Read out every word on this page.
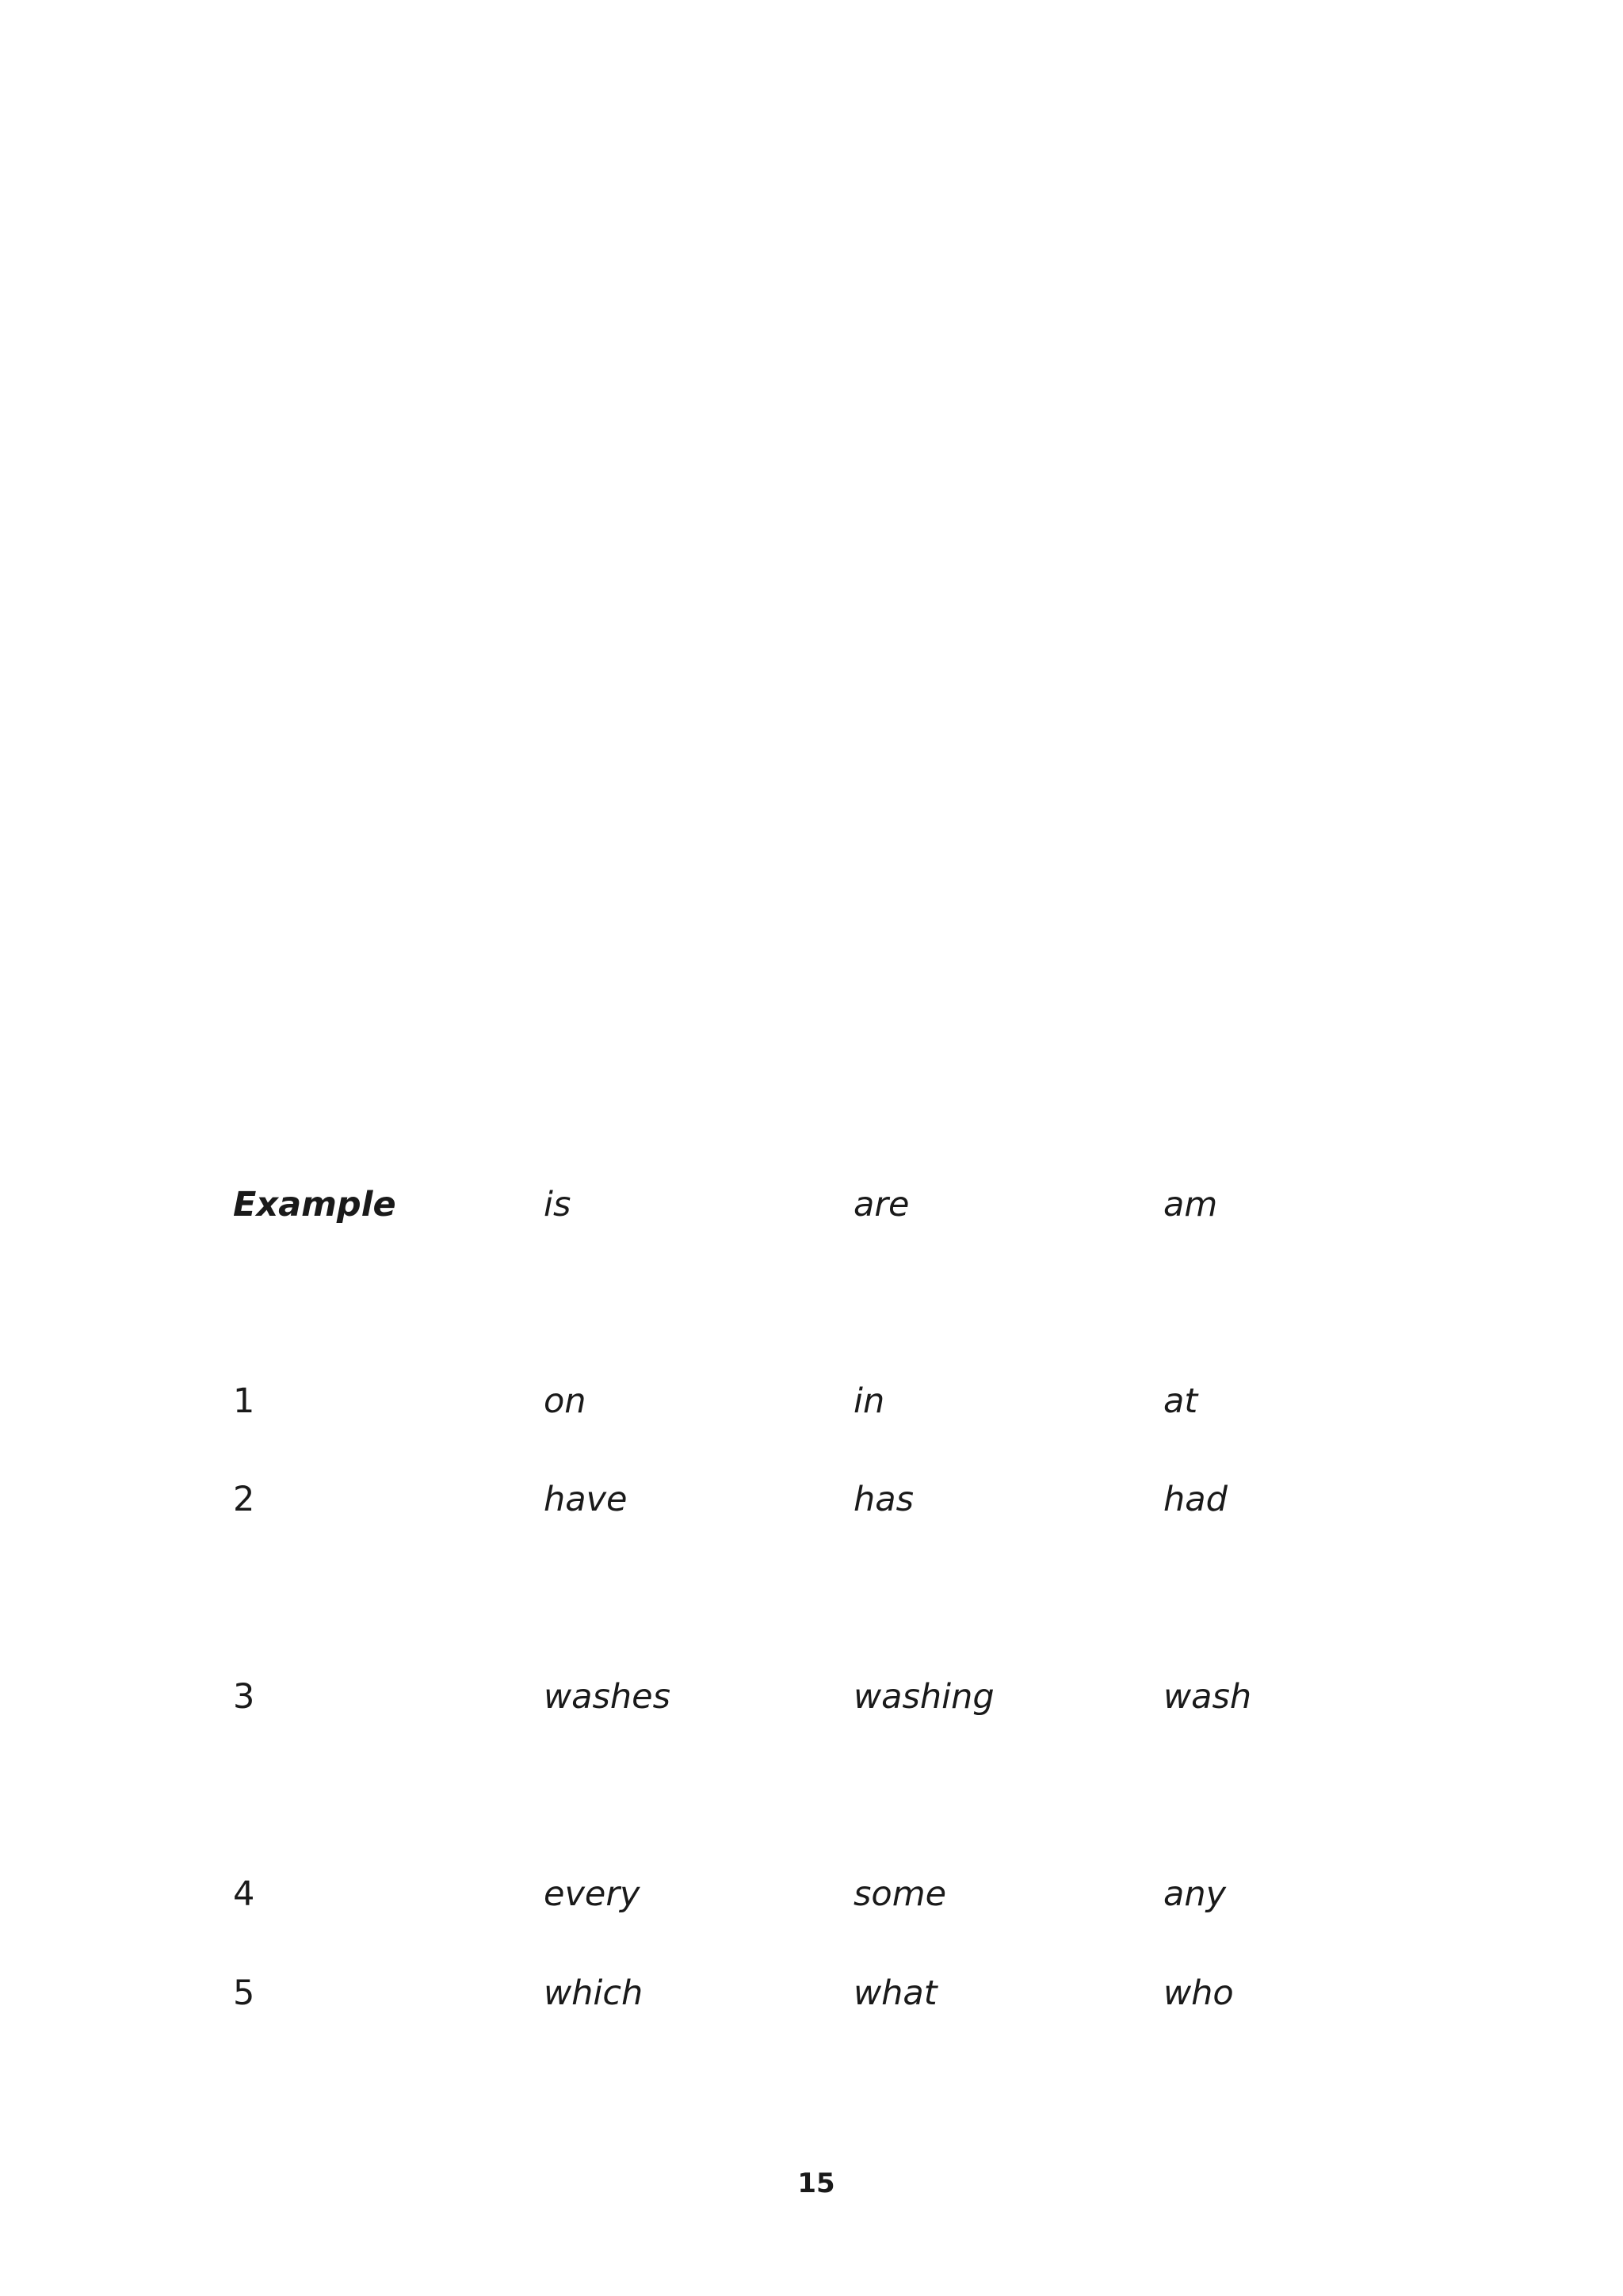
Example	is	are	am
1	on	in	at
2	have	has	had
3	washes	washing	wash
4	every	some	any
5	which	what	who
15
